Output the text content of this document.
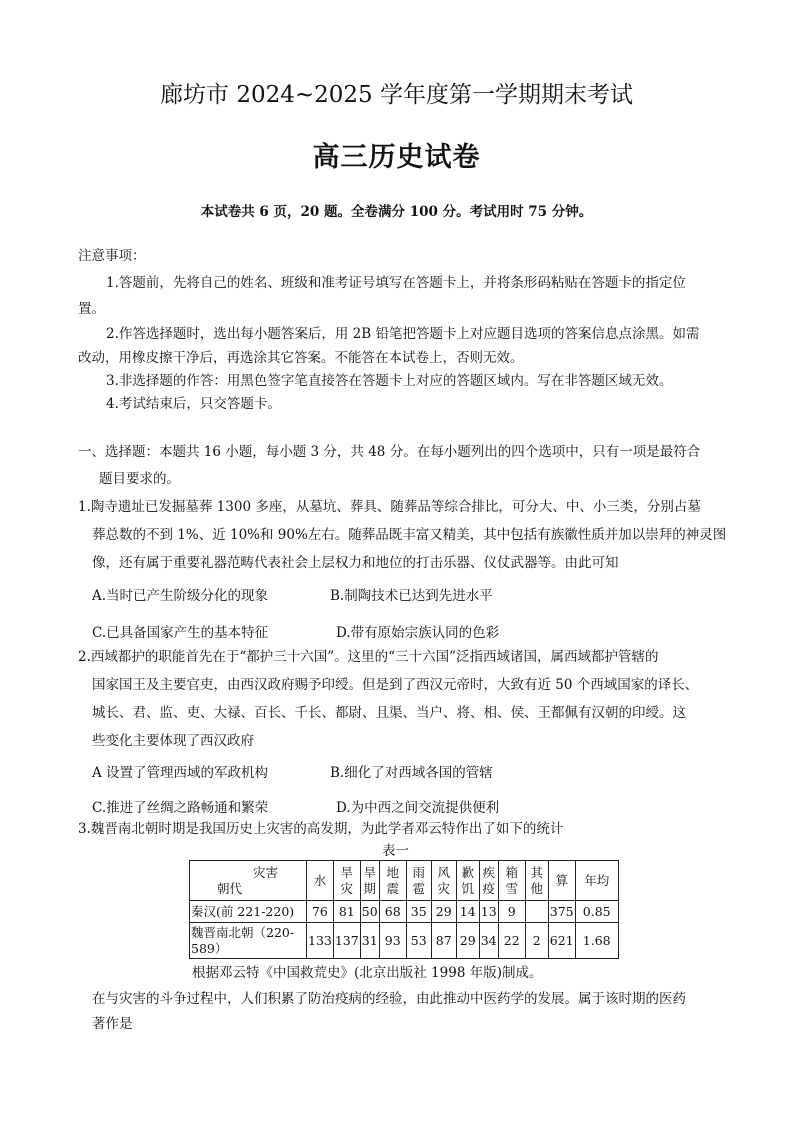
廊坊市 2024~2025 学年度第一学期期末考试
高三历史试卷
本试卷共 6 页，20 题。全卷满分 100 分。考试用时 75 分钟。
注意事项：
1.答题前，先将自己的姓名、班级和准考证号填写在答题卡上，并将条形码粘贴在答题卡的指定位
置。
2.作答选择题时，选出每小题答案后，用 2B 铅笔把答题卡上对应题目选项的答案信息点涂黑。如需
改动，用橡皮擦干净后，再选涂其它答案。不能答在本试卷上，否则无效。
3.非选择题的作答：用黑色签字笔直接答在答题卡上对应的答题区域内。写在非答题区域无效。
4.考试结束后，只交答题卡。
一、选择题：本题共 16 小题，每小题 3 分，共 48 分。在每小题列出的四个选项中，只有一项是最符合
题目要求的。
1.陶寺遗址已发掘墓葬 1300 多座，从墓坑、葬具、随葬品等综合排比，可分大、中、小三类，分别占墓
葬总数的不到 1%、近 10%和 90%左右。随葬品既丰富又精美，其中包括有族徽性质并加以崇拜的神灵图
像，还有属于重要礼器范畴代表社会上层权力和地位的打击乐器、仪仗武器等。由此可知
A.当时已产生阶级分化的现象	B.制陶技术已达到先进水平
C.已具备国家产生的基本特征	D.带有原始宗族认同的色彩
2.西域都护的职能首先在于“都护三十六国”。这里的“三十六国”泛指西域诸国，属西域都护管辖的
国家国王及主要官吏，由西汉政府赐予印绶。但是到了西汉元帝时，大致有近 50 个西域国家的译长、
城长、君、监、吏、大禄、百长、千长、都尉、且渠、当户、将、相、侯、王都佩有汉朝的印绶。这
些变化主要体现了西汉政府
A 设置了管理西域的军政机构	B.细化了对西域各国的管辖
C.推进了丝绸之路畅通和繁荣	D.为中西之间交流提供便利
3.魏晋南北朝时期是我国历史上灾害的高发期，为此学者邓云特作出了如下的统计
表一
灾害
朝代	水	旱灾	旱期	地震	雨雹	风灾	歉饥	疾疫	箱雪	其他	算	年均
秦汉(前 221-220)	76	81	50	68	35	29	14	13	9		375	0.85
魏晋南北朝（220-589）	133	137	31	93	53	87	29	34	22	2	621	1.68
根据邓云特《中国救荒史》(北京出版社 1998 年版)制成。
在与灾害的斗争过程中，人们积累了防治疫病的经验，由此推动中医药学的发展。属于该时期的医药
著作是
